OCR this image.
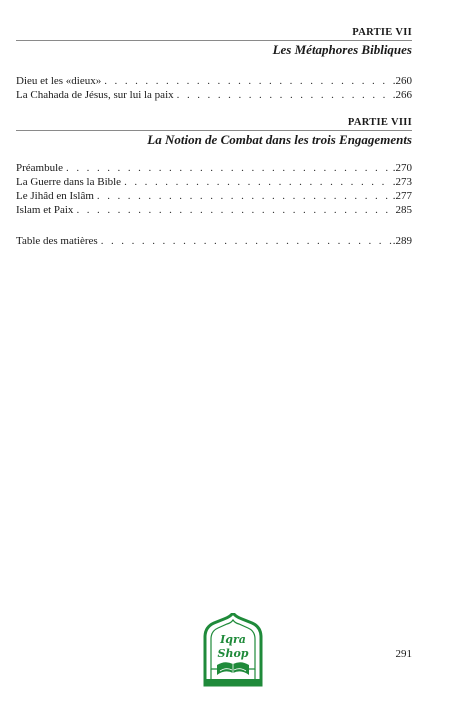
PARTIE VII
Les Métaphores Bibliques
Dieu et les «dieux» . . .	.260
La Chahada de Jésus, sur lui la paix . . .	.266
PARTIE VIII
La Notion de Combat dans les trois Engagements
Préambule . . .	.270
La Guerre dans la Bible . . .	.273
Le Jihâd en Islâm . . .	.277
Islam et Paix . . .	285
Table des matières . . .	.289
Iqra
Shop	291
